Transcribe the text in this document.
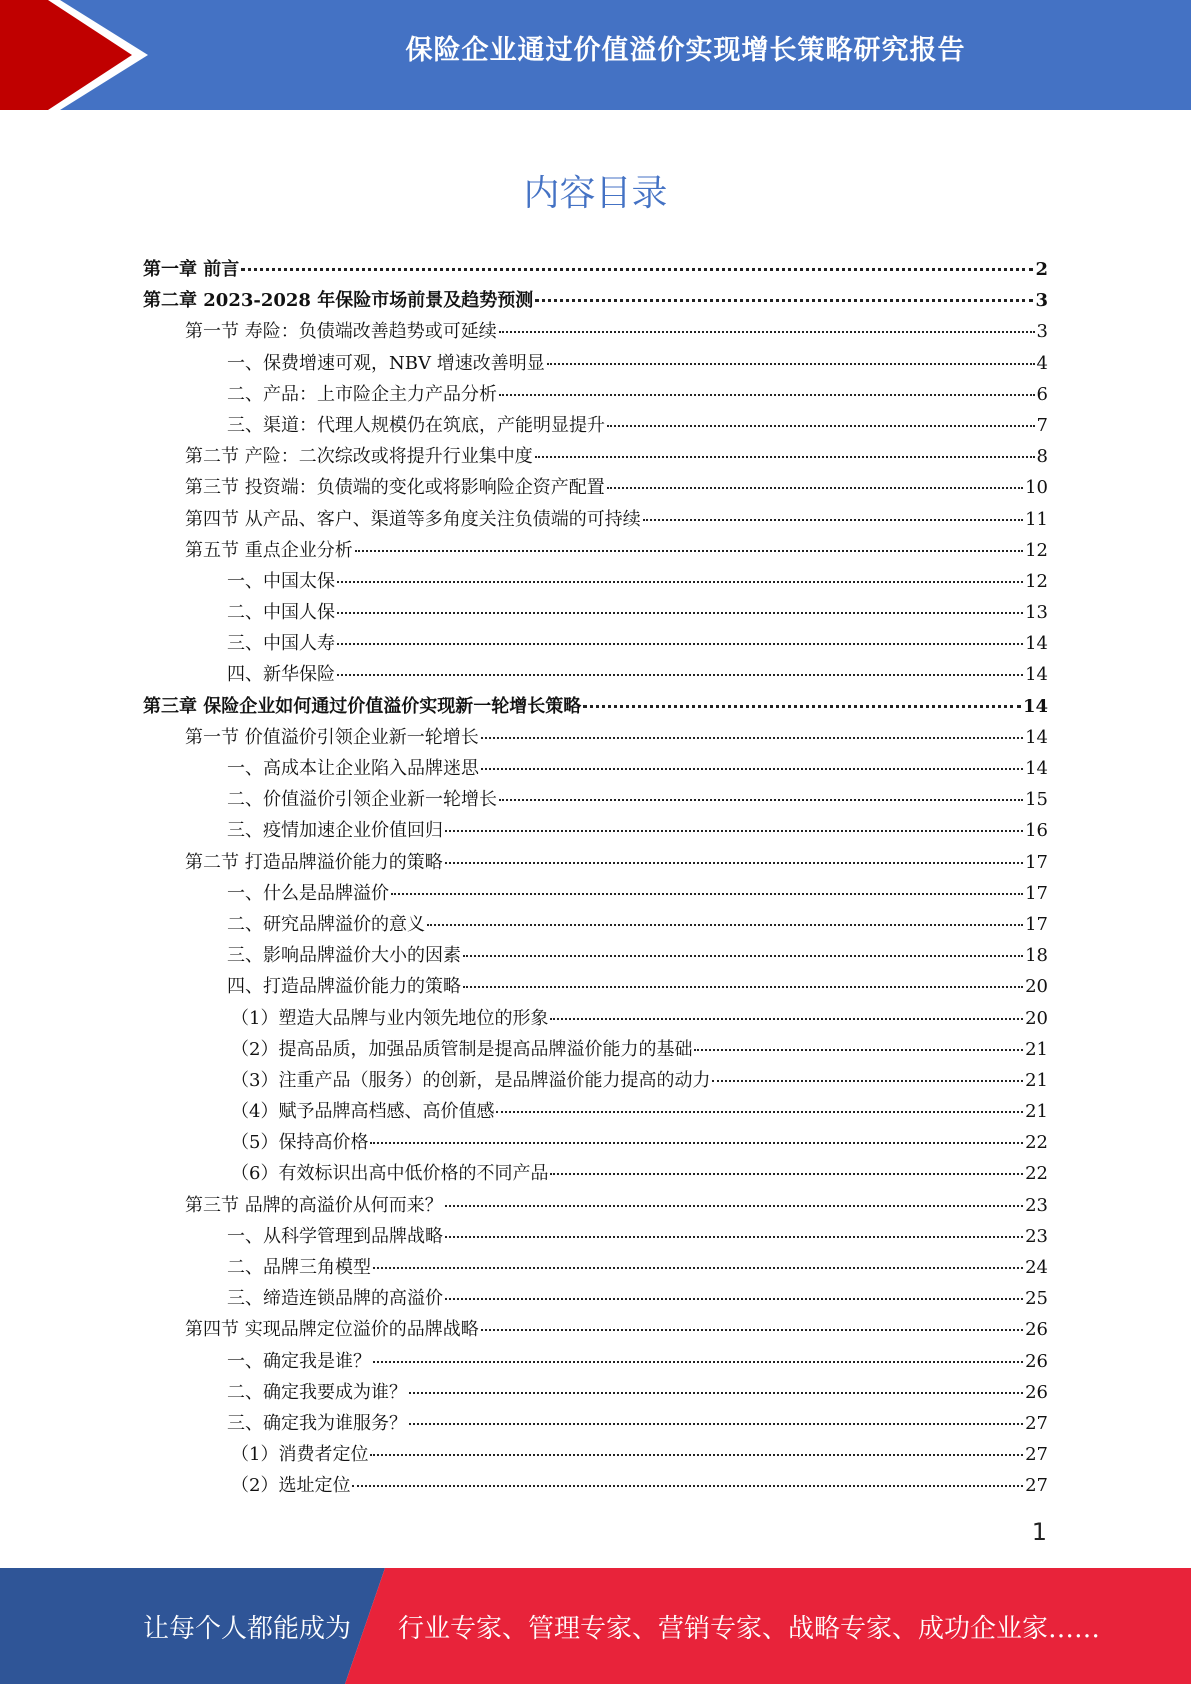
保险企业通过价值溢价实现增长策略研究报告
内容目录
第一章 前言	2
第二章 2023-2028 年保险市场前景及趋势预测	3
第一节 寿险：负债端改善趋势或可延续	3
一、保费增速可观，NBV 增速改善明显	4
二、产品：上市险企主力产品分析	6
三、渠道：代理人规模仍在筑底，产能明显提升	7
第二节 产险：二次综改或将提升行业集中度	8
第三节 投资端：负债端的变化或将影响险企资产配置	10
第四节 从产品、客户、渠道等多角度关注负债端的可持续	11
第五节 重点企业分析	12
一、中国太保	12
二、中国人保	13
三、中国人寿	14
四、新华保险	14
第三章 保险企业如何通过价值溢价实现新一轮增长策略	14
第一节 价值溢价引领企业新一轮增长	14
一、高成本让企业陷入品牌迷思	14
二、价值溢价引领企业新一轮增长	15
三、疫情加速企业价值回归	16
第二节 打造品牌溢价能力的策略	17
一、什么是品牌溢价	17
二、研究品牌溢价的意义	17
三、影响品牌溢价大小的因素	18
四、打造品牌溢价能力的策略	20
（1）塑造大品牌与业内领先地位的形象	20
（2）提高品质，加强品质管制是提高品牌溢价能力的基础	21
（3）注重产品（服务）的创新，是品牌溢价能力提高的动力	21
（4）赋予品牌高档感、高价值感	21
（5）保持高价格	22
（6）有效标识出高中低价格的不同产品	22
第三节 品牌的高溢价从何而来？	23
一、从科学管理到品牌战略	23
二、品牌三角模型	24
三、缔造连锁品牌的高溢价	25
第四节 实现品牌定位溢价的品牌战略	26
一、确定我是谁？	26
二、确定我要成为谁？	26
三、确定我为谁服务？	27
（1）消费者定位	27
（2）选址定位	27
1
让每个人都能成为 行业专家、管理专家、营销专家、战略专家、成功企业家……
